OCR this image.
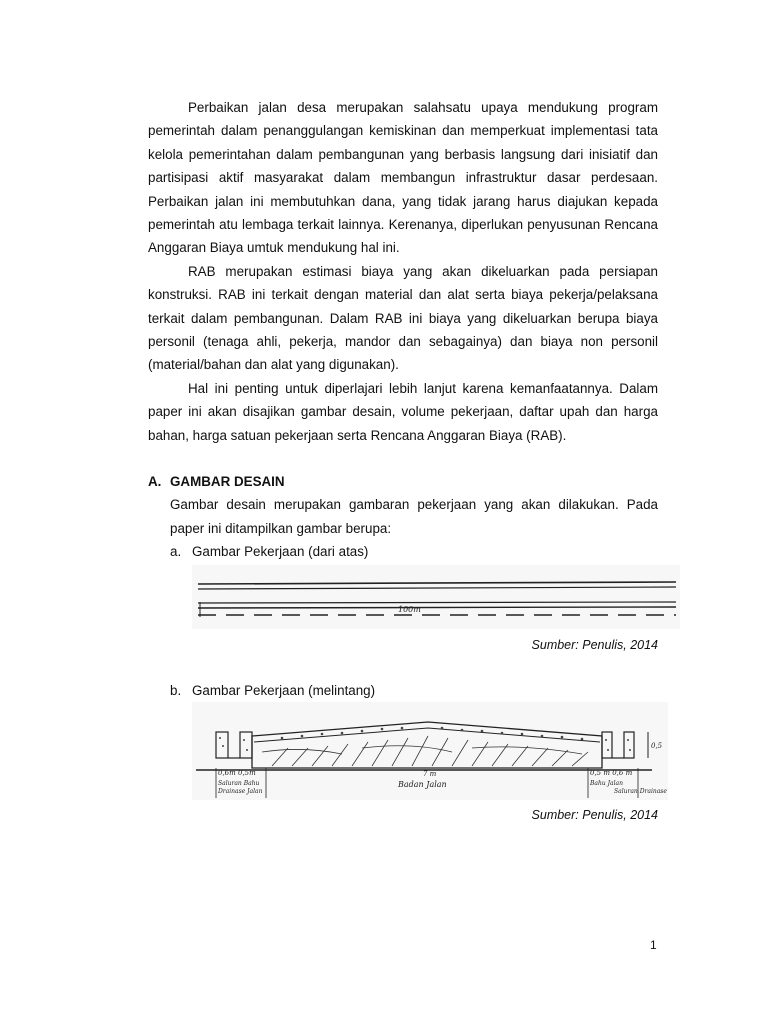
Perbaikan jalan desa merupakan salahsatu upaya mendukung program pemerintah dalam penanggulangan kemiskinan dan memperkuat implementasi tata kelola pemerintahan dalam pembangunan yang berbasis langsung dari inisiatif dan partisipasi aktif masyarakat dalam membangun infrastruktur dasar perdesaan. Perbaikan jalan ini membutuhkan dana, yang tidak jarang harus diajukan kepada pemerintah atu lembaga terkait lainnya. Kerenanya, diperlukan penyusunan Rencana Anggaran Biaya umtuk mendukung hal ini.

RAB merupakan estimasi biaya yang akan dikeluarkan pada persiapan konstruksi. RAB ini terkait dengan material dan alat serta biaya pekerja/pelaksana terkait dalam pembangunan. Dalam RAB ini biaya yang dikeluarkan berupa biaya personil (tenaga ahli, pekerja, mandor dan sebagainya) dan biaya non personil (material/bahan dan alat yang digunakan).

Hal ini penting untuk diperlajari lebih lanjut karena kemanfaatannya. Dalam paper ini akan disajikan gambar desain, volume pekerjaan, daftar upah dan harga bahan, harga satuan pekerjaan serta Rencana Anggaran Biaya (RAB).

A. GAMBAR DESAIN
Gambar desain merupakan gambaran pekerjaan yang akan dilakukan. Pada paper ini ditampilkan gambar berupa:
a. Gambar Pekerjaan (dari atas)
100m
Sumber: Penulis, 2014
b. Gambar Pekerjaan (melintang)
0,5
0,6m 0,5m
Saluran Bahu
Drainase Jalan
7 m
Badan Jalan
0,5 m 0,6 m
Bahu Jalan
Saluran Drainase
Sumber: Penulis, 2014
1
